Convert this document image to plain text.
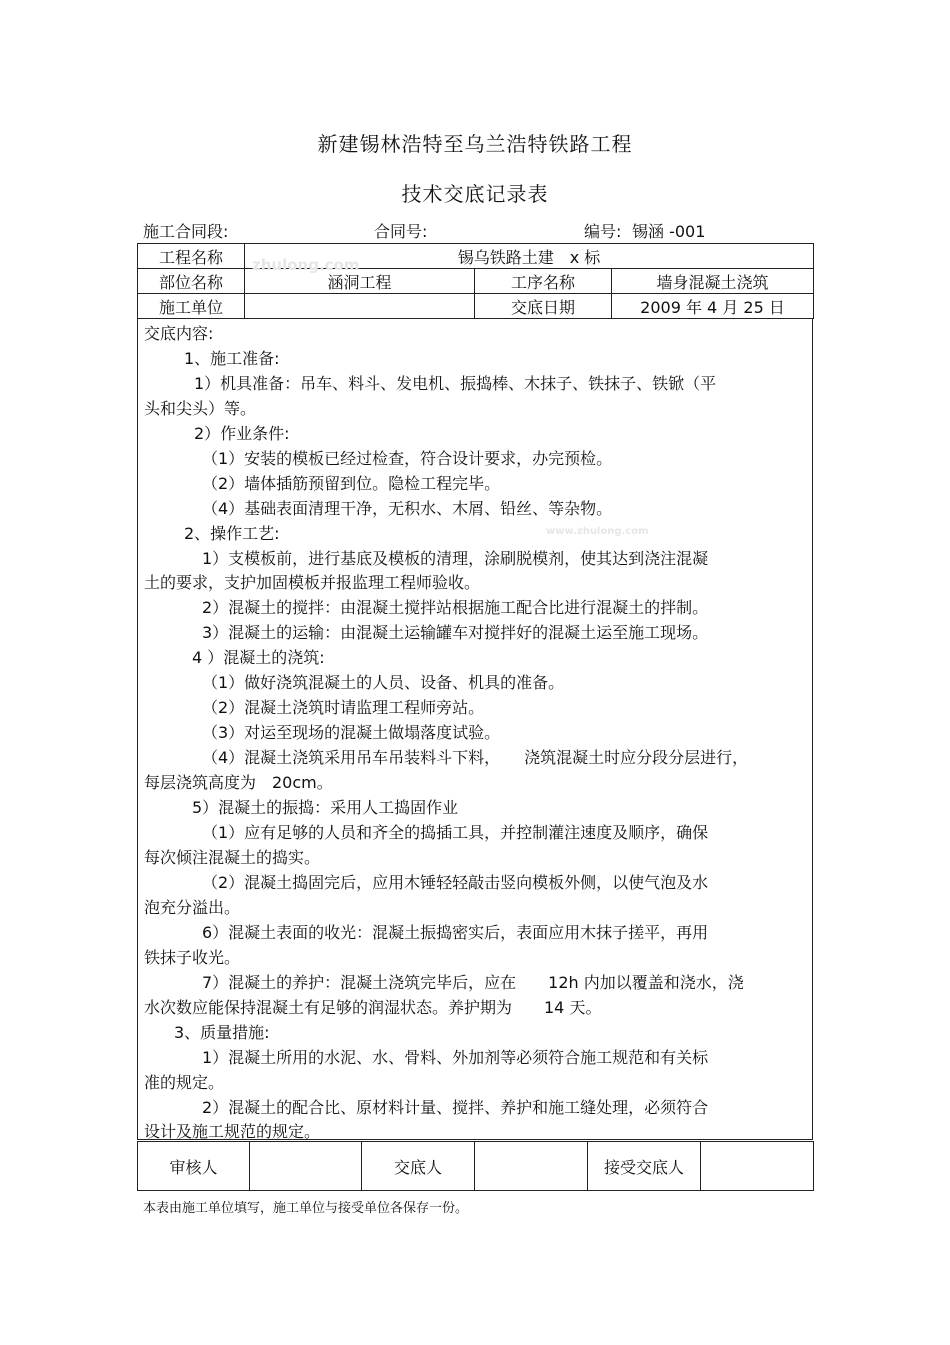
新建锡林浩特至乌兰浩特铁路工程
技术交底记录表
施工合同段:	合同号:	编号: 锡涵 -001
工程名称	锡乌铁路土建　x 标		
部位名称	涵洞工程	工序名称	墙身混凝土浇筑
施工单位		交底日期	2009 年 4 月 25 日
zhulong.com
交底内容:
1、施工准备:
1）机具准备：吊车、料斗、发电机、振捣棒、木抹子、铁抹子、铁锨（平
头和尖头）等。
2）作业条件:
（1）安装的模板已经过检查，符合设计要求，办完预检。
（2）墙体插筋预留到位。隐检工程完毕。
（4）基础表面清理干净，无积水、木屑、铅丝、等杂物。
2、操作工艺:	www.zhulong.com
1）支模板前，进行基底及模板的清理，涂刷脱模剂，使其达到浇注混凝
土的要求，支护加固模板并报监理工程师验收。
2）混凝土的搅拌：由混凝土搅拌站根据施工配合比进行混凝土的拌制。
3）混凝土的运输：由混凝土运输罐车对搅拌好的混凝土运至施工现场。
4 ）混凝土的浇筑:
（1）做好浇筑混凝土的人员、设备、机具的准备。
（2）混凝土浇筑时请监理工程师旁站。
（3）对运至现场的混凝土做塌落度试验。
（4）混凝土浇筑采用吊车吊装料斗下料，　　浇筑混凝土时应分段分层进行，
每层浇筑高度为　20cm。
5）混凝土的振捣：采用人工捣固作业
（1）应有足够的人员和齐全的捣插工具，并控制灌注速度及顺序，确保
每次倾注混凝土的捣实。
（2）混凝土捣固完后，应用木锤轻轻敲击竖向模板外侧，以使气泡及水
泡充分溢出。
6）混凝土表面的收光：混凝土振捣密实后，表面应用木抹子搓平，再用
铁抹子收光。
7）混凝土的养护：混凝土浇筑完毕后，应在　　12h 内加以覆盖和浇水，浇
水次数应能保持混凝土有足够的润湿状态。养护期为　　14 天。
3、质量措施:
1）混凝土所用的水泥、水、骨料、外加剂等必须符合施工规范和有关标
准的规定。
2）混凝土的配合比、原材料计量、搅拌、养护和施工缝处理，必须符合
设计及施工规范的规定。
审核人		交底人		接受交底人	
本表由施工单位填写，施工单位与接受单位各保存一份。
